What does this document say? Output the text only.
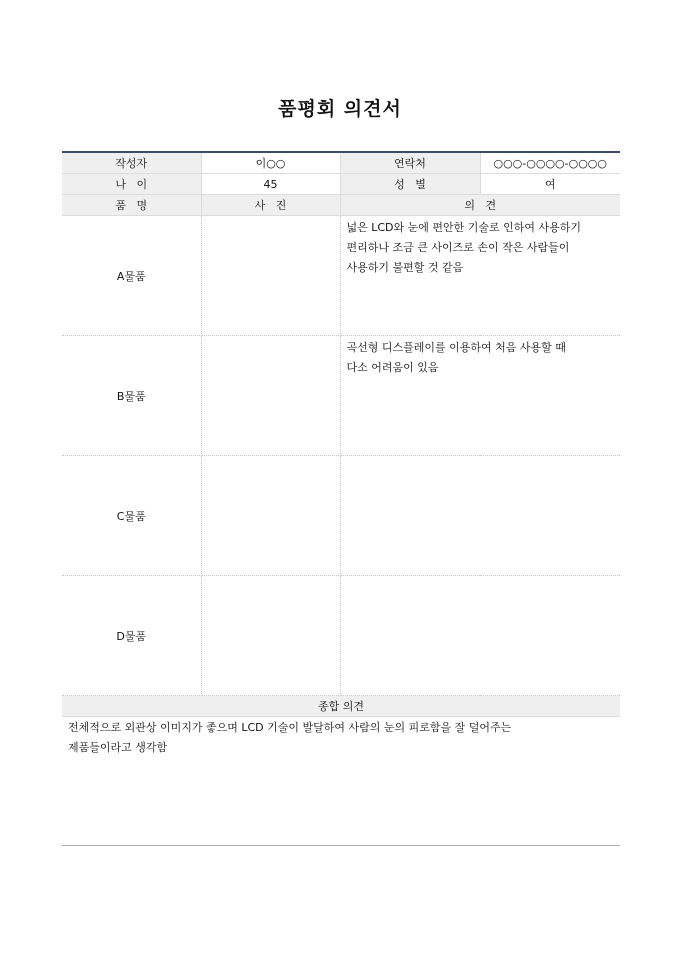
품평회 의견서
작성자	이○○	연락처	○○○-○○○○-○○○○
나   이	45	성   별	여
품   명	사   진	의   견	
A물품		넓은 LCD와 눈에 편안한 기술로 인하여 사용하기
편리하나 조금 큰 사이즈로 손이 작은 사람들이
사용하기 불편할 것 같음	
B물품		곡선형 디스플레이를 이용하여 처음 사용할 때
다소 어려움이 있음	
C물품			
D물품			
종합 의견			
전체적으로 외관상 이미지가 좋으며 LCD 기술이 발달하여 사람의 눈의 피로함을 잘 덜어주는
제품들이라고 생각함			
